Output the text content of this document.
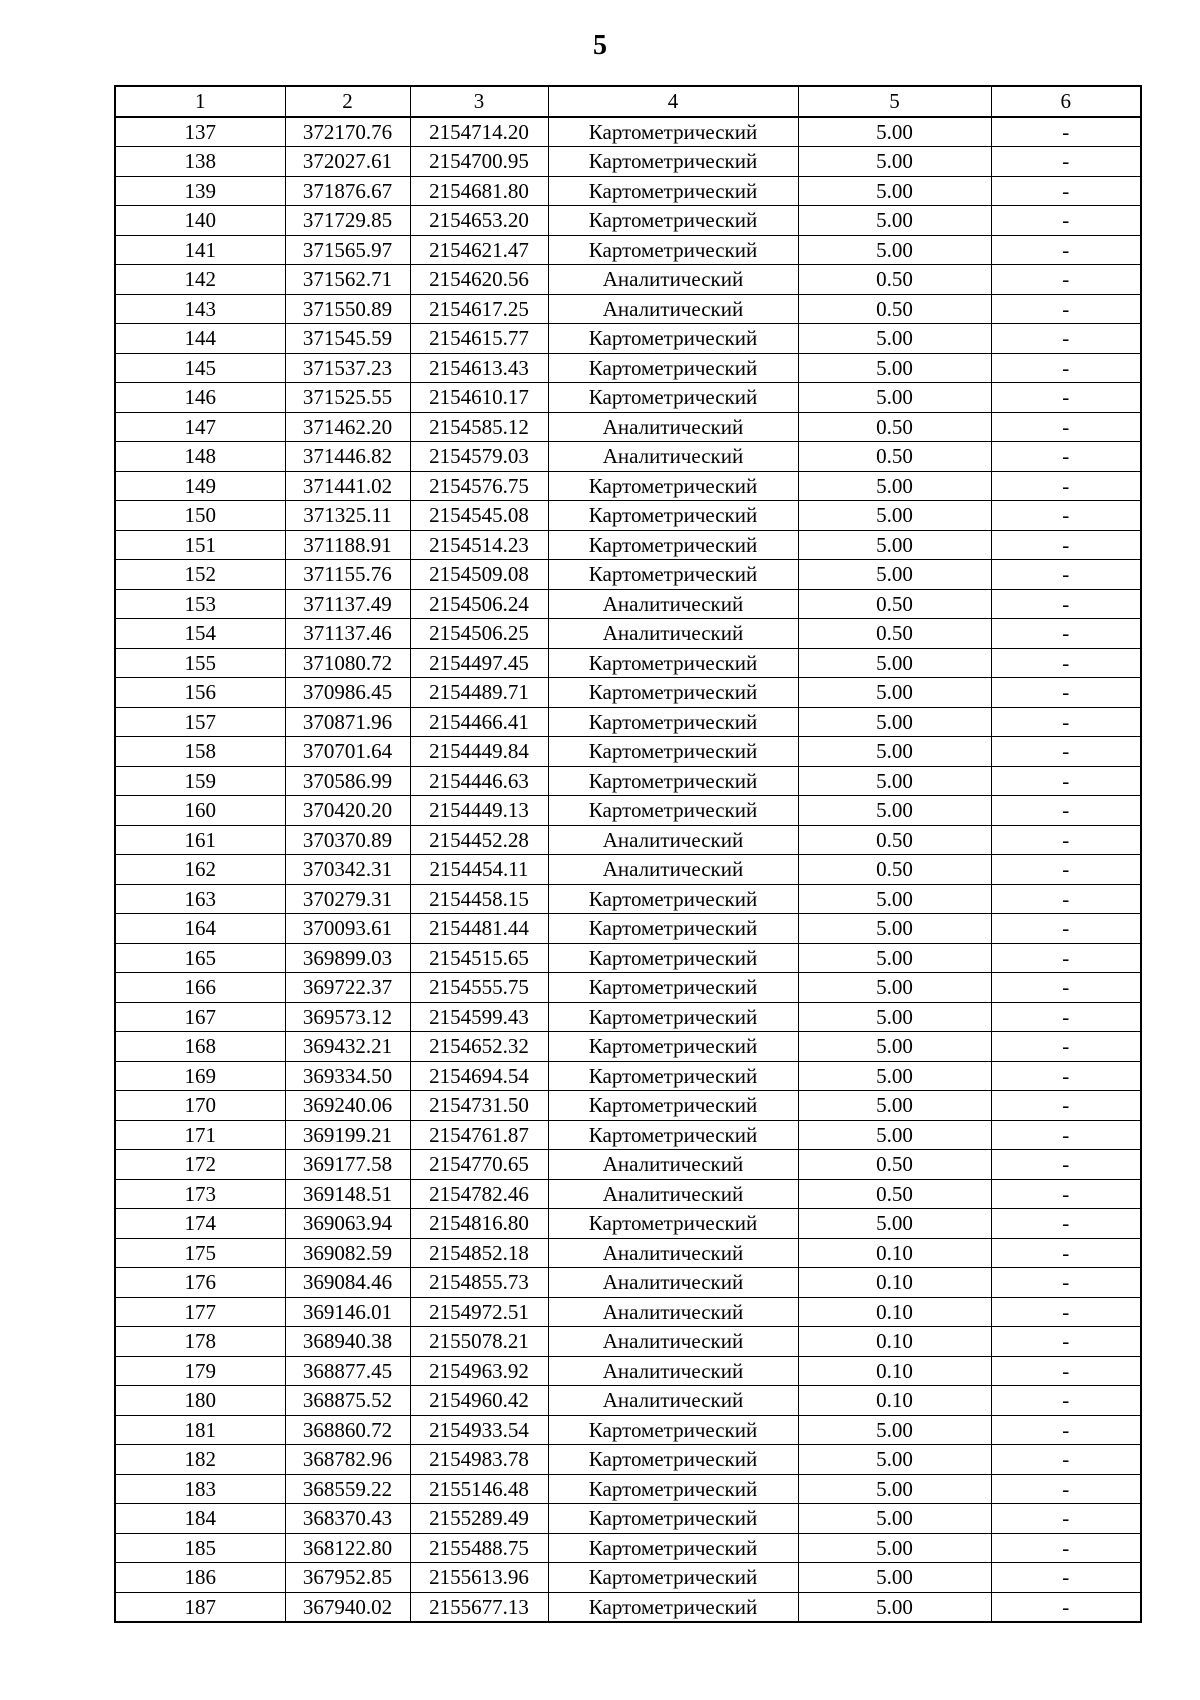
5
1	2	3	4	5	6
137	372170.76	2154714.20	Картометрический	5.00	-
138	372027.61	2154700.95	Картометрический	5.00	-
139	371876.67	2154681.80	Картометрический	5.00	-
140	371729.85	2154653.20	Картометрический	5.00	-
141	371565.97	2154621.47	Картометрический	5.00	-
142	371562.71	2154620.56	Аналитический	0.50	-
143	371550.89	2154617.25	Аналитический	0.50	-
144	371545.59	2154615.77	Картометрический	5.00	-
145	371537.23	2154613.43	Картометрический	5.00	-
146	371525.55	2154610.17	Картометрический	5.00	-
147	371462.20	2154585.12	Аналитический	0.50	-
148	371446.82	2154579.03	Аналитический	0.50	-
149	371441.02	2154576.75	Картометрический	5.00	-
150	371325.11	2154545.08	Картометрический	5.00	-
151	371188.91	2154514.23	Картометрический	5.00	-
152	371155.76	2154509.08	Картометрический	5.00	-
153	371137.49	2154506.24	Аналитический	0.50	-
154	371137.46	2154506.25	Аналитический	0.50	-
155	371080.72	2154497.45	Картометрический	5.00	-
156	370986.45	2154489.71	Картометрический	5.00	-
157	370871.96	2154466.41	Картометрический	5.00	-
158	370701.64	2154449.84	Картометрический	5.00	-
159	370586.99	2154446.63	Картометрический	5.00	-
160	370420.20	2154449.13	Картометрический	5.00	-
161	370370.89	2154452.28	Аналитический	0.50	-
162	370342.31	2154454.11	Аналитический	0.50	-
163	370279.31	2154458.15	Картометрический	5.00	-
164	370093.61	2154481.44	Картометрический	5.00	-
165	369899.03	2154515.65	Картометрический	5.00	-
166	369722.37	2154555.75	Картометрический	5.00	-
167	369573.12	2154599.43	Картометрический	5.00	-
168	369432.21	2154652.32	Картометрический	5.00	-
169	369334.50	2154694.54	Картометрический	5.00	-
170	369240.06	2154731.50	Картометрический	5.00	-
171	369199.21	2154761.87	Картометрический	5.00	-
172	369177.58	2154770.65	Аналитический	0.50	-
173	369148.51	2154782.46	Аналитический	0.50	-
174	369063.94	2154816.80	Картометрический	5.00	-
175	369082.59	2154852.18	Аналитический	0.10	-
176	369084.46	2154855.73	Аналитический	0.10	-
177	369146.01	2154972.51	Аналитический	0.10	-
178	368940.38	2155078.21	Аналитический	0.10	-
179	368877.45	2154963.92	Аналитический	0.10	-
180	368875.52	2154960.42	Аналитический	0.10	-
181	368860.72	2154933.54	Картометрический	5.00	-
182	368782.96	2154983.78	Картометрический	5.00	-
183	368559.22	2155146.48	Картометрический	5.00	-
184	368370.43	2155289.49	Картометрический	5.00	-
185	368122.80	2155488.75	Картометрический	5.00	-
186	367952.85	2155613.96	Картометрический	5.00	-
187	367940.02	2155677.13	Картометрический	5.00	-
